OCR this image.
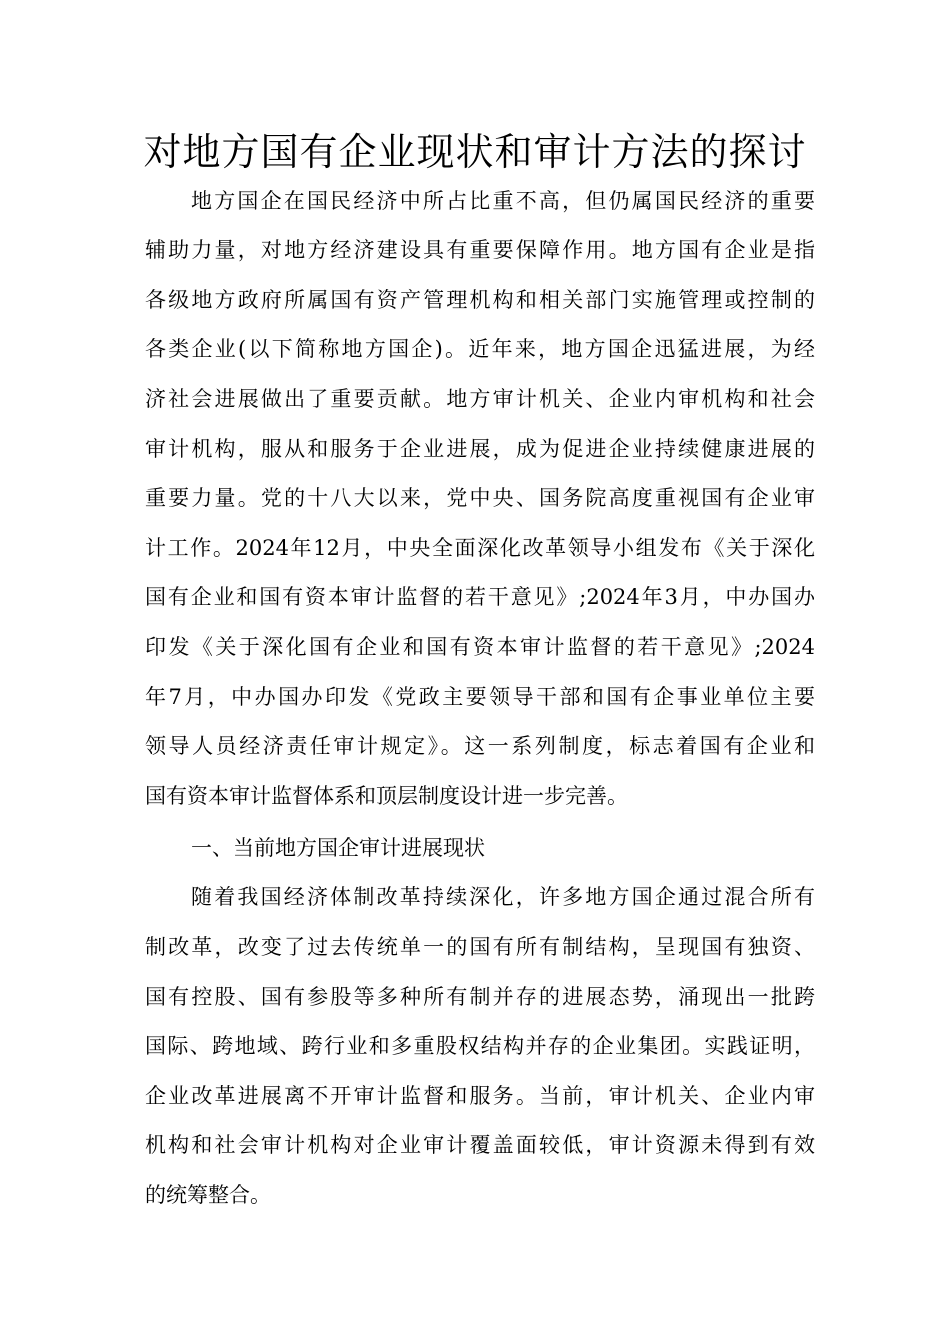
对地方国有企业现状和审计方法的探讨
地方国企在国民经济中所占比重不高，但仍属国民经济的重要
辅助力量，对地方经济建设具有重要保障作用。地方国有企业是指
各级地方政府所属国有资产管理机构和相关部门实施管理或控制的
各类企业(以下简称地方国企)。近年来，地方国企迅猛进展，为经
济社会进展做出了重要贡献。地方审计机关、企业内审机构和社会
审计机构，服从和服务于企业进展，成为促进企业持续健康进展的
重要力量。党的十八大以来，党中央、国务院高度重视国有企业审
计工作。2024年12月，中央全面深化改革领导小组发布《关于深化
国有企业和国有资本审计监督的若干意见》;2024年3月，中办国办
印发《关于深化国有企业和国有资本审计监督的若干意见》;2024
年7月，中办国办印发《党政主要领导干部和国有企事业单位主要
领导人员经济责任审计规定》。这一系列制度，标志着国有企业和
国有资本审计监督体系和顶层制度设计进一步完善。
一、当前地方国企审计进展现状
随着我国经济体制改革持续深化，许多地方国企通过混合所有
制改革，改变了过去传统单一的国有所有制结构，呈现国有独资、
国有控股、国有参股等多种所有制并存的进展态势，涌现出一批跨
国际、跨地域、跨行业和多重股权结构并存的企业集团。实践证明，
企业改革进展离不开审计监督和服务。当前，审计机关、企业内审
机构和社会审计机构对企业审计覆盖面较低，审计资源未得到有效
的统筹整合。
